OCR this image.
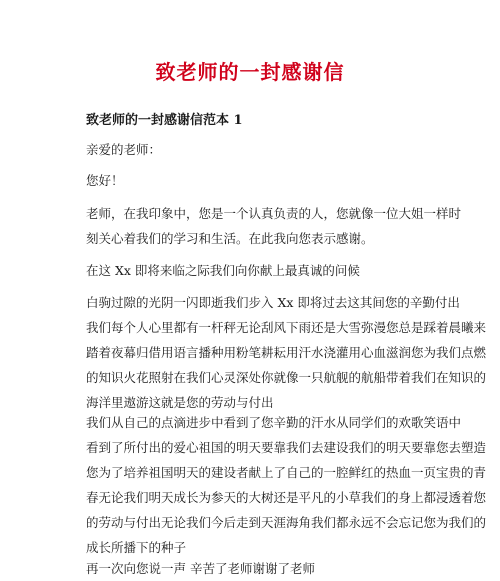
致老师的一封感谢信
致老师的一封感谢信范本 1
亲爱的老师：
您好！
老师，在我印象中，您是一个认真负责的人，您就像一位大姐一样时
刻关心着我们的学习和生活。在此我向您表示感谢。
在这 Xx 即将来临之际我们向你献上最真诚的问候
白驹过隙的光阴一闪即逝我们步入 Xx 即将过去这其间您的辛勤付出
我们每个人心里都有一杆秤无论刮风下雨还是大雪弥漫您总是踩着晨曦来
踏着夜幕归借用语言播种用粉笔耕耘用汗水浇灌用心血滋润您为我们点燃
的知识火花照射在我们心灵深处你就像一只航舰的航船带着我们在知识的
海洋里遨游这就是您的劳动与付出
我们从自己的点滴进步中看到了您辛勤的汗水从同学们的欢歌笑语中
看到了所付出的爱心祖国的明天要靠我们去建设我们的明天要靠您去塑造
您为了培养祖国明天的建设者献上了自己的一腔鲜红的热血一页宝贵的青
春无论我们明天成长为参天的大树还是平凡的小草我们的身上都浸透着您
的劳动与付出无论我们今后走到天涯海角我们都永远不会忘记您为我们的
成长所播下的种子
再一次向您说一声 辛苦了老师谢谢了老师
